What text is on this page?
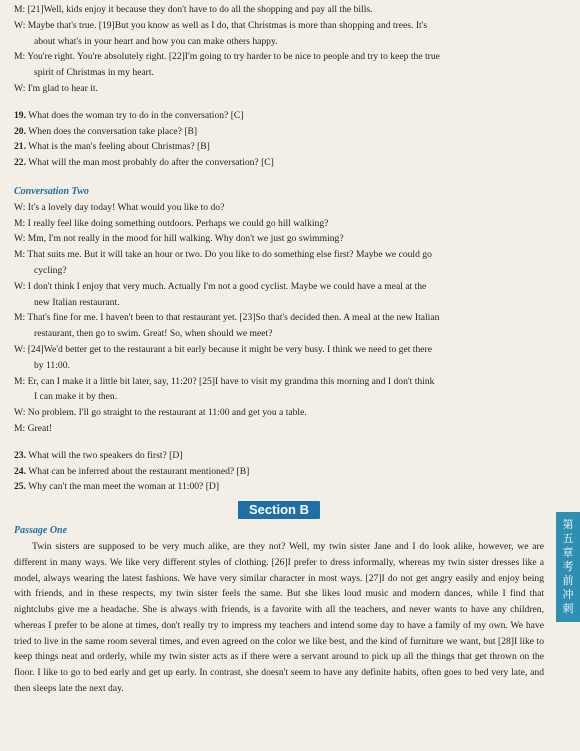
M: [21]Well, kids enjoy it because they don't have to do all the shopping and pay all the bills.
W: Maybe that's true. [19]But you know as well as I do, that Christmas is more than shopping and trees. It's
about what's in your heart and how you can make others happy.
M: You're right. You're absolutely right. [22]I'm going to try harder to be nice to people and try to keep the true
spirit of Christmas in my heart.
W: I'm glad to hear it.
19. What does the woman try to do in the conversation? [C]
20. When does the conversation take place? [B]
21. What is the man's feeling about Christmas? [B]
22. What will the man most probably do after the conversation? [C]
Conversation Two
W: It's a lovely day today! What would you like to do?
M: I really feel like doing something outdoors. Perhaps we could go hill walking?
W: Mm, I'm not really in the mood for hill walking. Why don't we just go swimming?
M: That suits me. But it will take an hour or two. Do you like to do something else first? Maybe we could go
cycling?
W: I don't think I enjoy that very much. Actually I'm not a good cyclist. Maybe we could have a meal at the
new Italian restaurant.
M: That's fine for me. I haven't been to that restaurant yet. [23]So that's decided then. A meal at the new Italian
restaurant, then go to swim. Great! So, when should we meet?
W: [24]We'd better get to the restaurant a bit early because it might be very busy. I think we need to get there
by 11:00.
M: Er, can I make it a little bit later, say, 11:20? [25]I have to visit my grandma this morning and I don't think
I can make it by then.
W: No problem. I'll go straight to the restaurant at 11:00 and get you a table.
M: Great!
23. What will the two speakers do first? [D]
24. What can be inferred about the restaurant mentioned? [B]
25. Why can't the man meet the woman at 11:00? [D]
Section B
Passage One
Twin sisters are supposed to be very much alike, are they not? Well, my twin sister Jane and I do look alike, however, we are different in many ways. We like very different styles of clothing. [26]I prefer to dress informally, whereas my twin sister dresses like a model, always wearing the latest fashions. We have very similar character in most ways. [27]I do not get angry easily and enjoy being with friends, and in these respects, my twin sister feels the same. But she likes loud music and modern dances, while I find that nightclubs give me a headache. She is always with friends, is a favorite with all the teachers, and never wants to have any children, whereas I prefer to be alone at times, don't really try to impress my teachers and intend some day to have a family of my own. We have tried to live in the same room several times, and even agreed on the color we like best, and the kind of furniture we want, but [28]I like to keep things neat and orderly, while my twin sister acts as if there were a servant around to pick up all the things that get thrown on the floor. I like to go to bed early and get up early. In contrast, she doesn't seem to have any definite habits, often goes to bed very late, and then sleeps late the next day.
第
五
章
考
前
冲
刺
